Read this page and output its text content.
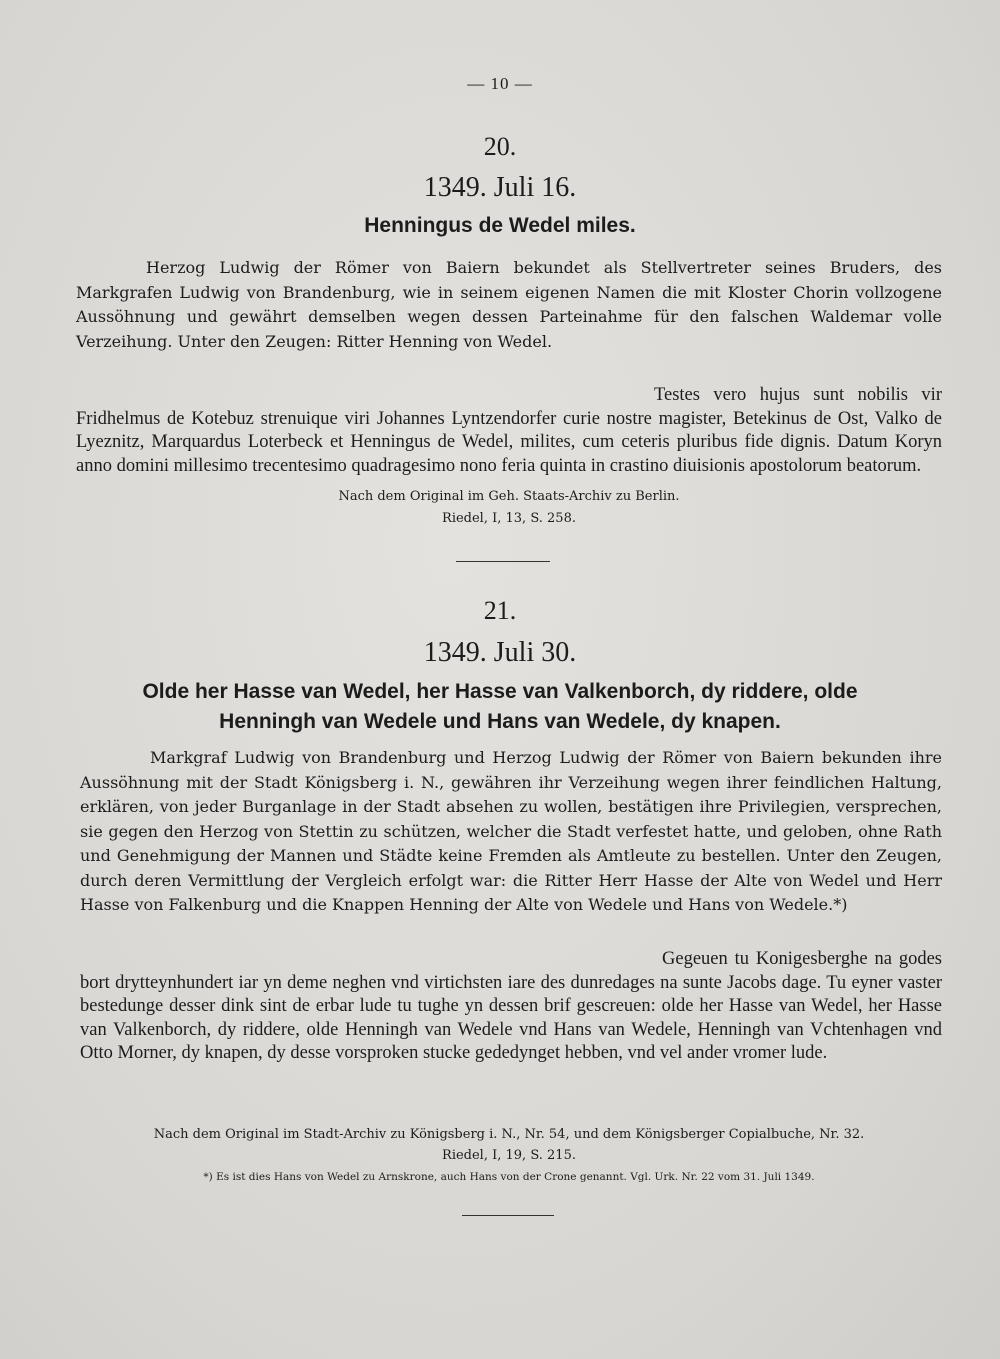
— 10 —
20.
1349. Juli 16.
Henningus de Wedel miles.
Herzog Ludwig der Römer von Baiern bekundet als Stellvertreter seines Bruders, des Markgrafen Ludwig von Brandenburg, wie in seinem eigenen Namen die mit Kloster Chorin vollzogene Aussöhnung und gewährt demselben wegen dessen Parteinahme für den falschen Waldemar volle Verzeihung. Unter den Zeugen: Ritter Henning von Wedel.
Testes vero hujus sunt nobilis vir Fridhelmus de Kotebuz strenuique viri Johannes Lyntzendorfer curie nostre magister, Betekinus de Ost, Valko de Lyeznitz, Marquardus Loterbeck et Henningus de Wedel, milites, cum ceteris pluribus fide dignis. Datum Koryn anno domini millesimo trecentesimo quadragesimo nono feria quinta in crastino diuisionis apostolorum beatorum.
Nach dem Original im Geh. Staats-Archiv zu Berlin.
Riedel, I, 13, S. 258.
21.
1349. Juli 30.
Olde her Hasse van Wedel, her Hasse van Valkenborch, dy riddere, olde
Henningh van Wedele und Hans van Wedele, dy knapen.
Markgraf Ludwig von Brandenburg und Herzog Ludwig der Römer von Baiern bekunden ihre Aussöhnung mit der Stadt Königsberg i. N., gewähren ihr Verzeihung wegen ihrer feindlichen Haltung, erklären, von jeder Burganlage in der Stadt absehen zu wollen, bestätigen ihre Privilegien, versprechen, sie gegen den Herzog von Stettin zu schützen, welcher die Stadt verfestet hatte, und geloben, ohne Rath und Genehmigung der Mannen und Städte keine Fremden als Amtleute zu bestellen. Unter den Zeugen, durch deren Vermittlung der Vergleich erfolgt war: die Ritter Herr Hasse der Alte von Wedel und Herr Hasse von Falkenburg und die Knappen Henning der Alte von Wedele und Hans von Wedele.*)
Gegeuen tu Konigesberghe na godes bort drytteynhundert iar yn deme neghen vnd virtichsten iare des dunredages na sunte Jacobs dage. Tu eyner vaster bestedunge desser dink sint de erbar lude tu tughe yn dessen brif gescreuen: olde her Hasse van Wedel, her Hasse van Valkenborch, dy riddere, olde Henningh van Wedele vnd Hans van Wedele, Henningh van Vchtenhagen vnd Otto Morner, dy knapen, dy desse vorsproken stucke gededynget hebben, vnd vel ander vromer lude.
Nach dem Original im Stadt-Archiv zu Königsberg i. N., Nr. 54, und dem Königsberger Copialbuche, Nr. 32.
Riedel, I, 19, S. 215.
*) Es ist dies Hans von Wedel zu Arnskrone, auch Hans von der Crone genannt. Vgl. Urk. Nr. 22 vom 31. Juli 1349.
